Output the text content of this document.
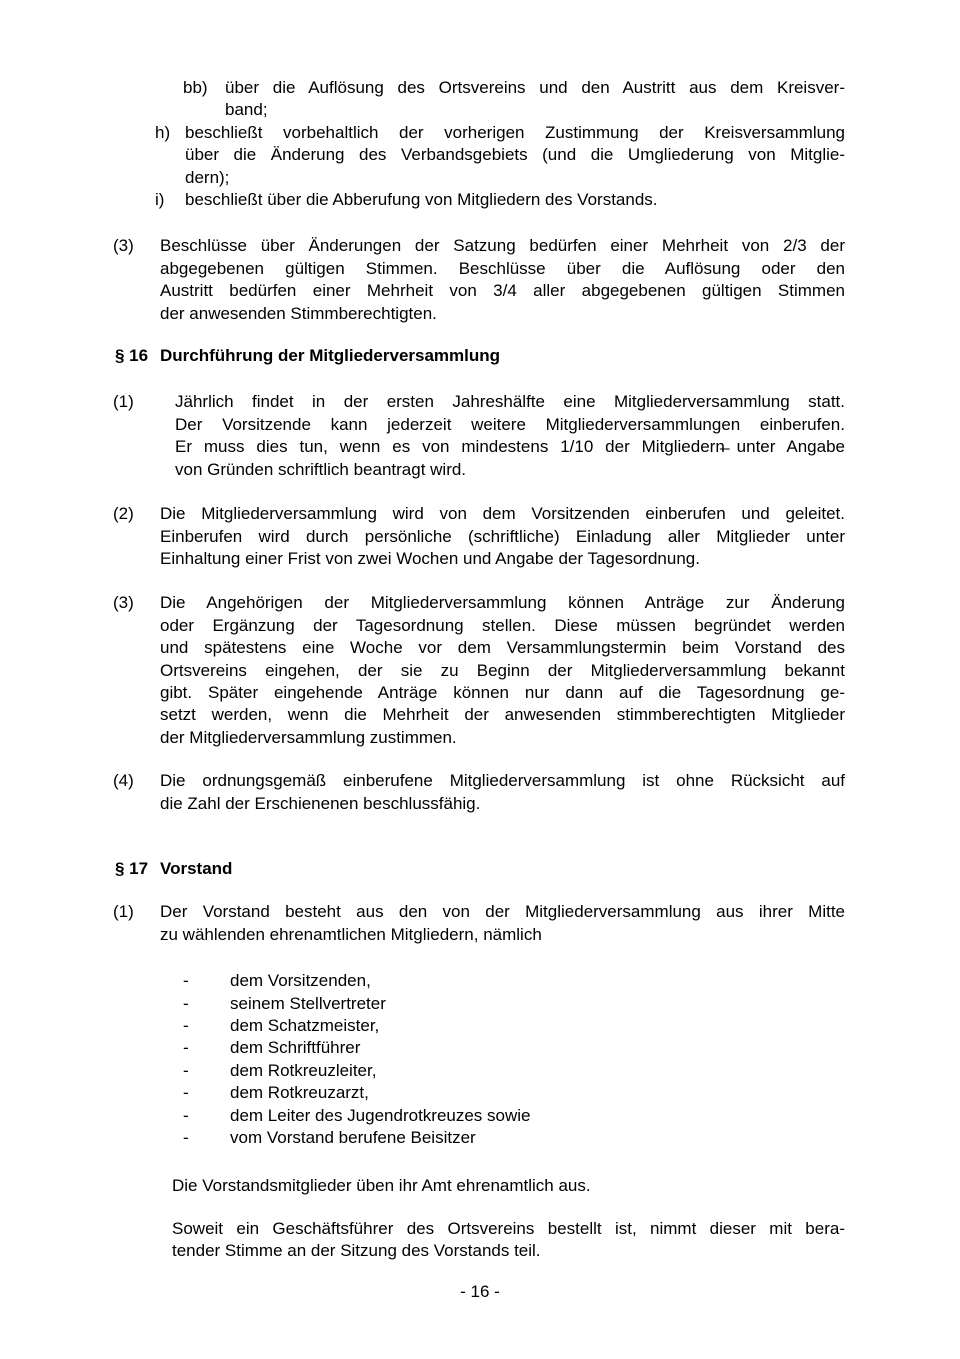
bb) über die Auflösung des Ortsvereins und den Austritt aus dem Kreisver-
band;
h) beschließt vorbehaltlich der vorherigen Zustimmung der Kreisversammlung
über die Änderung des Verbandsgebiets (und die Umgliederung von Mitglie-
dern);
i) beschließt über die Abberufung von Mitgliedern des Vorstands.
(3) Beschlüsse über Änderungen der Satzung bedürfen einer Mehrheit von 2/3 der
abgegebenen gültigen Stimmen. Beschlüsse über die Auflösung oder den
Austritt bedürfen einer Mehrheit von 3/4 aller abgegebenen gültigen Stimmen
der anwesenden Stimmberechtigten.
§ 16 Durchführung der Mitgliederversammlung
(1) Jährlich findet in der ersten Jahreshälfte eine Mitgliederversammlung statt.
Der Vorsitzende kann jederzeit weitere Mitgliederversammlungen einberufen.
Er muss dies tun, wenn es von mindestens 1/10 der Mitgliedern̶ unter Angabe
von Gründen schriftlich beantragt wird.
(2) Die Mitgliederversammlung wird von dem Vorsitzenden einberufen und geleitet.
Einberufen wird durch persönliche (schriftliche) Einladung aller Mitglieder unter
Einhaltung einer Frist von zwei Wochen und Angabe der Tagesordnung.
(3) Die Angehörigen der Mitgliederversammlung können Anträge zur Änderung
oder Ergänzung der Tagesordnung stellen. Diese müssen begründet werden
und spätestens eine Woche vor dem Versammlungstermin beim Vorstand des
Ortsvereins eingehen, der sie zu Beginn der Mitgliederversammlung bekannt
gibt. Später eingehende Anträge können nur dann auf die Tagesordnung ge-
setzt werden, wenn die Mehrheit der anwesenden stimmberechtigten Mitglieder
der Mitgliederversammlung zustimmen.
(4) Die ordnungsgemäß einberufene Mitgliederversammlung ist ohne Rücksicht auf
die Zahl der Erschienenen beschlussfähig.
§ 17 Vorstand
(1) Der Vorstand besteht aus den von der Mitgliederversammlung aus ihrer Mitte
zu wählenden ehrenamtlichen Mitgliedern, nämlich
- dem Vorsitzenden,
- seinem Stellvertreter
- dem Schatzmeister,
- dem Schriftführer
- dem Rotkreuzleiter,
- dem Rotkreuzarzt,
- dem Leiter des Jugendrotkreuzes sowie
- vom Vorstand berufene Beisitzer
Die Vorstandsmitglieder üben ihr Amt ehrenamtlich aus.
Soweit ein Geschäftsführer des Ortsvereins bestellt ist, nimmt dieser mit bera-
tender Stimme an der Sitzung des Vorstands teil.
- 16 -
